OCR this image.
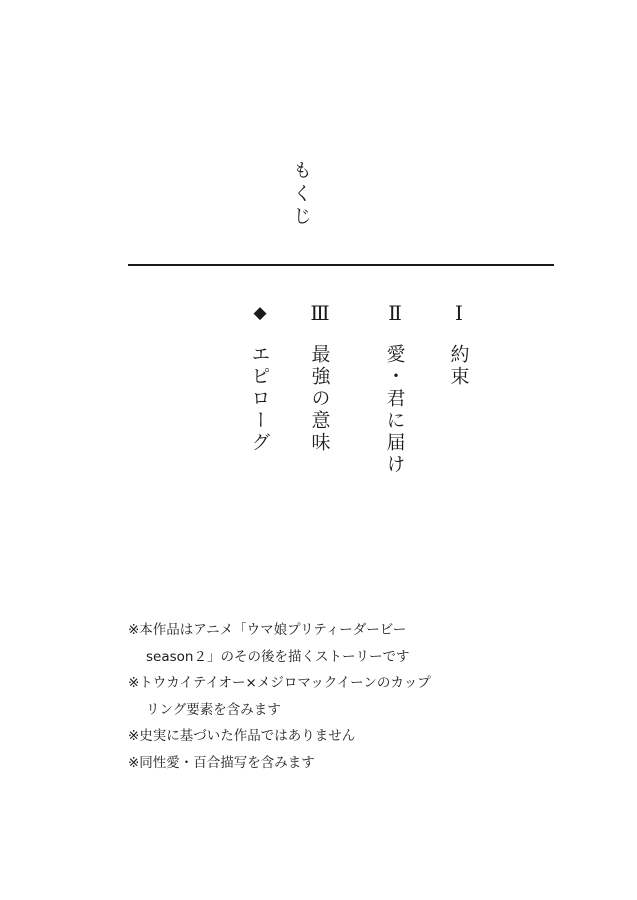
もくじ
Ⅰ
約束
Ⅱ
愛・君に届け
Ⅲ
最強の意味
◆
エピローグ
※本作品はアニメ「ウマ娘プリティーダービー
season２」のその後を描くストーリーです
※トウカイテイオー×メジロマックイーンのカップ
リング要素を含みます
※史実に基づいた作品ではありません
※同性愛・百合描写を含みます
